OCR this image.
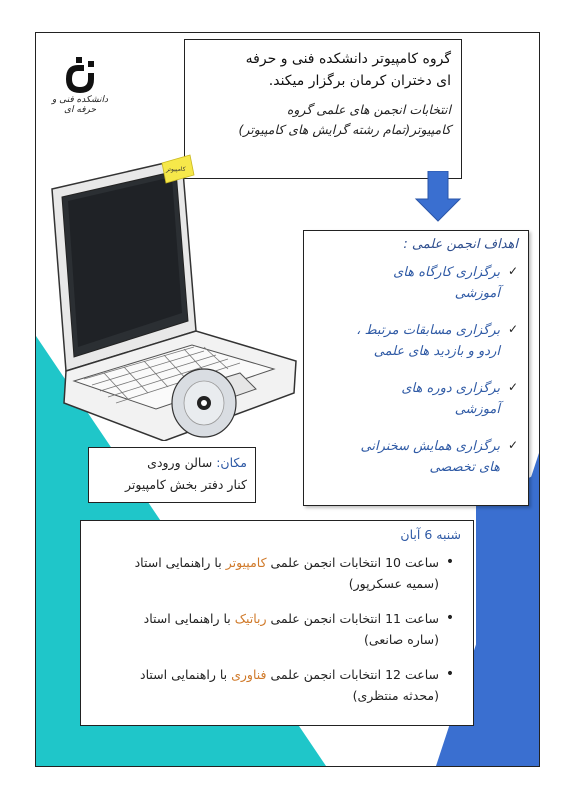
دانشکده فنی و حرفه ای
گروه کامپیوتر دانشکده فنی و حرفه
ای دختران کرمان برگزار میکند.
انتخابات انجمن های علمی گروه
کامپیوتر(تمام رشته گرایش های کامپیوتر)
کامپیوتر
اهداف انجمن علمی :
✓
برگزاری کارگاه های
آموزشی
✓
برگزاری مسابقات مرتبط ،
اردو و بازدید های علمی
✓
برگزاری دوره های
آموزشی
✓
برگزاری همایش سخنرانی
های تخصصی
مکان: سالن ورودی
کنار دفتر بخش کامپیوتر
شنبه 6 آبان
•
ساعت 10 انتخابات انجمن علمی کامپیوتر با راهنمایی استاد
(سمیه عسکرپور)
•
ساعت 11 انتخابات انجمن علمی رباتیک با راهنمایی استاد
(ساره صانعی)
•
ساعت 12 انتخابات انجمن علمی فناوری با راهنمایی استاد
(محدثه منتظری)
